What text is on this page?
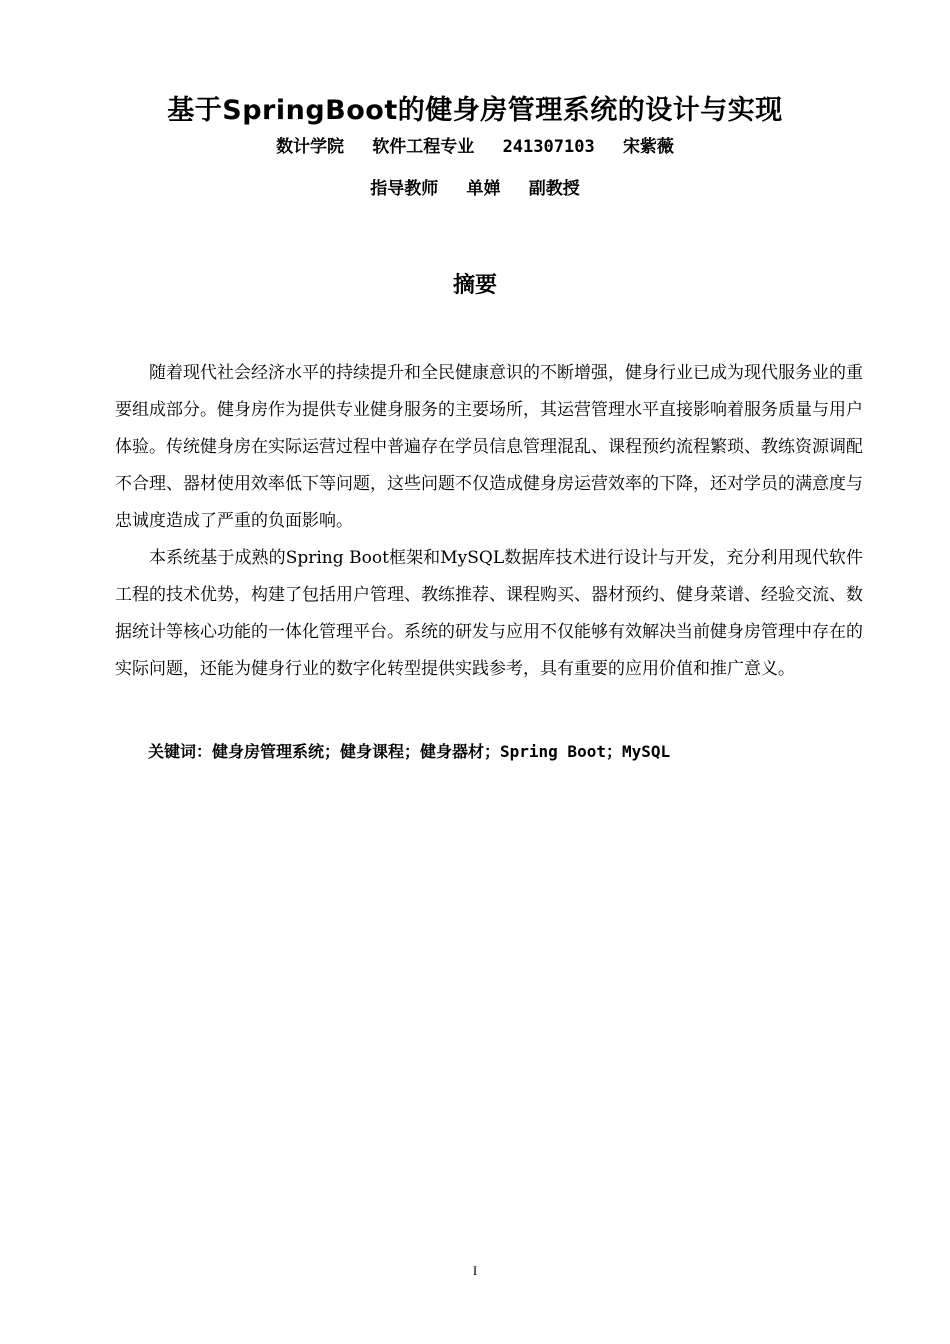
基于SpringBoot的健身房管理系统的设计与实现
数计学院 软件工程专业 241307103 宋紫薇
指导教师 单婵 副教授
摘要

随着现代社会经济水平的持续提升和全民健康意识的不断增强，健身行业已成为现代服务业的重要组成部分。健身房作为提供专业健身服务的主要场所，其运营管理水平直接影响着服务质量与用户体验。传统健身房在实际运营过程中普遍存在学员信息管理混乱、课程预约流程繁琐、教练资源调配不合理、器材使用效率低下等问题，这些问题不仅造成健身房运营效率的下降，还对学员的满意度与忠诚度造成了严重的负面影响。

本系统基于成熟的Spring Boot框架和MySQL数据库技术进行设计与开发，充分利用现代软件工程的技术优势，构建了包括用户管理、教练推荐、课程购买、器材预约、健身菜谱、经验交流、数据统计等核心功能的一体化管理平台。系统的研发与应用不仅能够有效解决当前健身房管理中存在的实际问题，还能为健身行业的数字化转型提供实践参考，具有重要的应用价值和推广意义。

关键词：健身房管理系统；健身课程；健身器材；Spring Boot；MySQL
I
